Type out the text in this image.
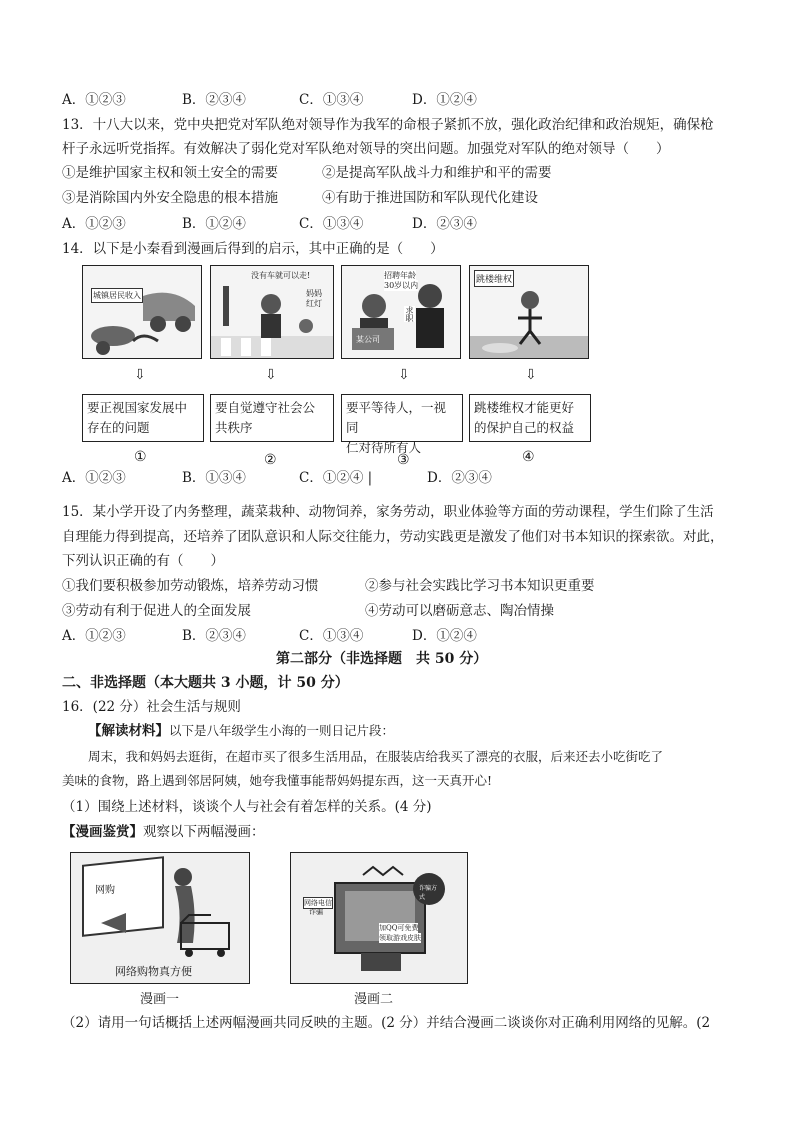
A．①②③	B．②③④	C．①③④	D．①②④
13．十八大以来，党中央把党对军队绝对领导作为我军的命根子紧抓不放，强化政治纪律和政治规矩，确保枪
杆子永远听党指挥。有效解决了弱化党对军队绝对领导的突出问题。加强党对军队的绝对领导（　　）
①是维护国家主权和领土安全的需要	②是提高军队战斗力和维护和平的需要
③是消除国内外安全隐患的根本措施	④有助于推进国防和军队现代化建设
A．①②③	B．①②④	C．①③④	D．②③④
14．以下是小秦看到漫画后得到的启示，其中正确的是（　　）
城镇居民收入
没有车就可以走!
妈妈
红灯
招聘年龄
30岁以内
求职
某公司
跳楼维权
⇩	⇩	⇩	⇩
要正视国家发展中
存在的问题
要自觉遵守社会公
共秩序
要平等待人，一视同
仁对待所有人
跳楼维权才能更好
的保护自己的权益
①	②	③	④
A．①②③	B．①③④	C．①②④ |	D．②③④
15．某小学开设了内务整理，蔬菜栽种、动物饲养，家务劳动，职业体验等方面的劳动课程，学生们除了生活
自理能力得到提高，还培养了团队意识和人际交往能力，劳动实践更是激发了他们对书本知识的探索欲。对此，
下列认识正确的有（　　）
①我们要积极参加劳动锻炼，培养劳动习惯	②参与社会实践比学习书本知识更重要
③劳动有利于促进人的全面发展	④劳动可以磨砺意志、陶冶情操
A．①②③	B．②③④	C．①③④	D．①②④
第二部分（非选择题　共 50 分）
二、非选择题（本大题共 3 小题，计 50 分）
16．(22 分）社会生活与规则
【解读材料】以下是八年级学生小海的一则日记片段：
周末，我和妈妈去逛街，在超市买了很多生活用品，在服装店给我买了漂亮的衣服，后来还去小吃街吃了
美味的食物，路上遇到邻居阿姨，她夸我懂事能帮妈妈提东西，这一天真开心!
（1）围绕上述材料，谈谈个人与社会有着怎样的关系。(4 分)
【漫画鉴赏】观察以下两幅漫画：
网购
网络购物真方便
漫画一
网络电信
诈骗
加QQ可免费
领取游戏皮肤
诈骗方式
漫画二
（2）请用一句话概括上述两幅漫画共同反映的主题。(2 分）并结合漫画二谈谈你对正确利用网络的见解。(2
